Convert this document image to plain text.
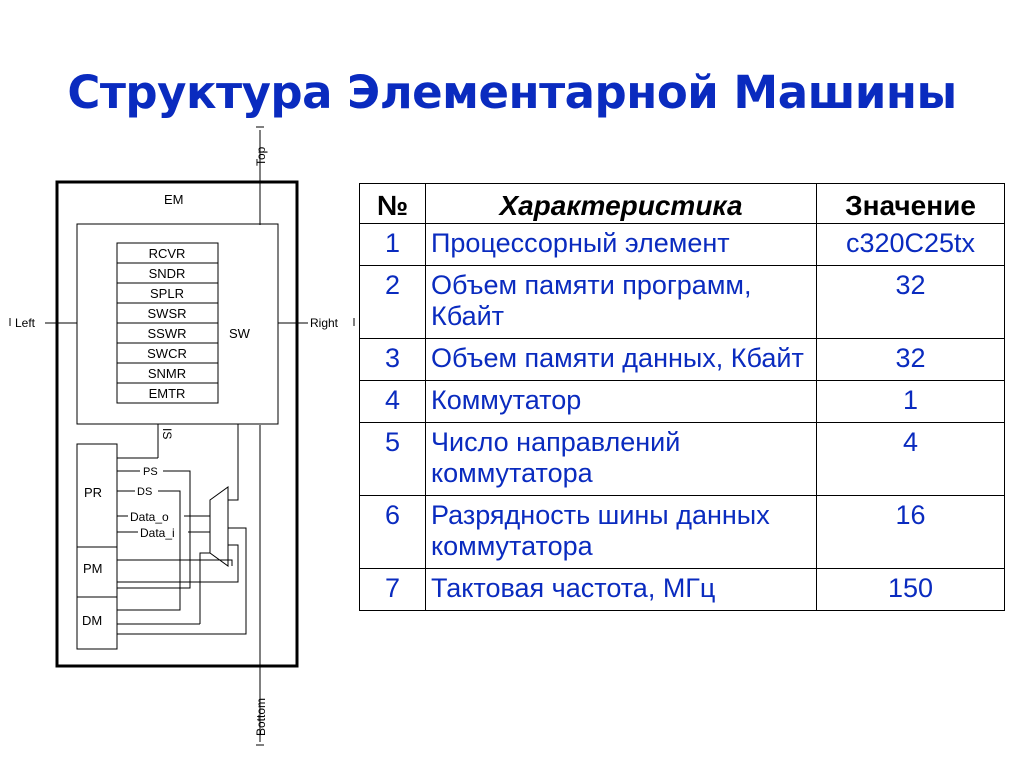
Структура Элементарной Машины
EM
Top
Bottom
Left	Right
SW
RCVR
SNDR
SPLR
SWSR
SSWR
SWCR
SNMR
EMTR
IS
PR
PM
DM
PS
DS
Data_o
Data_i
№	Характеристика	Значение
1	Процессорный элемент	c320C25tx
2	Объем памяти программ, Кбайт	32
3	Объем памяти данных, Кбайт	32
4	Коммутатор	1
5	Число направлений коммутатора	4
6	Разрядность шины данных коммутатора	16
7	Тактовая частота, МГц	150
